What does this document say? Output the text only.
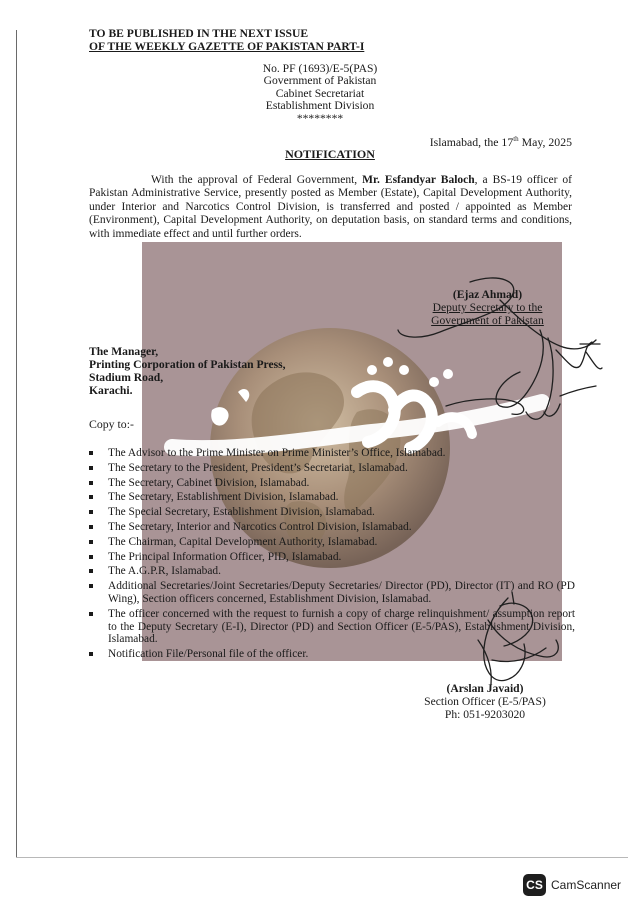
TO BE PUBLISHED IN THE NEXT ISSUE
OF THE WEEKLY GAZETTE OF PAKISTAN PART-I
No. PF (1693)/E-5(PAS)
Government of Pakistan
Cabinet Secretariat
Establishment Division
********
Islamabad, the 17th May, 2025
NOTIFICATION
With the approval of Federal Government, Mr. Esfandyar Baloch, a BS-19 officer of Pakistan Administrative Service, presently posted as Member (Estate), Capital Development Authority, under Interior and Narcotics Control Division, is transferred and posted / appointed as Member (Environment), Capital Development Authority, on deputation basis, on standard terms and conditions, with immediate effect and until further orders.
(Ejaz Ahmad)
Deputy Secretary to the
Government of Pakistan
The Manager,
Printing Corporation of Pakistan Press,
Stadium Road,
Karachi.
Copy to:-
The Advisor to the Prime Minister on Prime Minister’s Office, Islamabad.
The Secretary to the President, President’s Secretariat, Islamabad.
The Secretary, Cabinet Division, Islamabad.
The Secretary, Establishment Division, Islamabad.
The Special Secretary, Establishment Division, Islamabad.
The Secretary, Interior and Narcotics Control Division, Islamabad.
The Chairman, Capital Development Authority, Islamabad.
The Principal Information Officer, PID, Islamabad.
The A.G.P.R, Islamabad.
Additional Secretaries/Joint Secretaries/Deputy Secretaries/ Director (PD), Director (IT) and RO (PD Wing), Section officers concerned, Establishment Division, Islamabad.
The officer concerned with the request to furnish a copy of charge relinquishment/ assumption report to the Deputy Secretary (E-I), Director (PD) and Section Officer (E-5/PAS), Establishment Division, Islamabad.
Notification File/Personal file of the officer.
(Arslan Javaid)
Section Officer (E-5/PAS)
Ph: 051-9203020
CS CamScanner
